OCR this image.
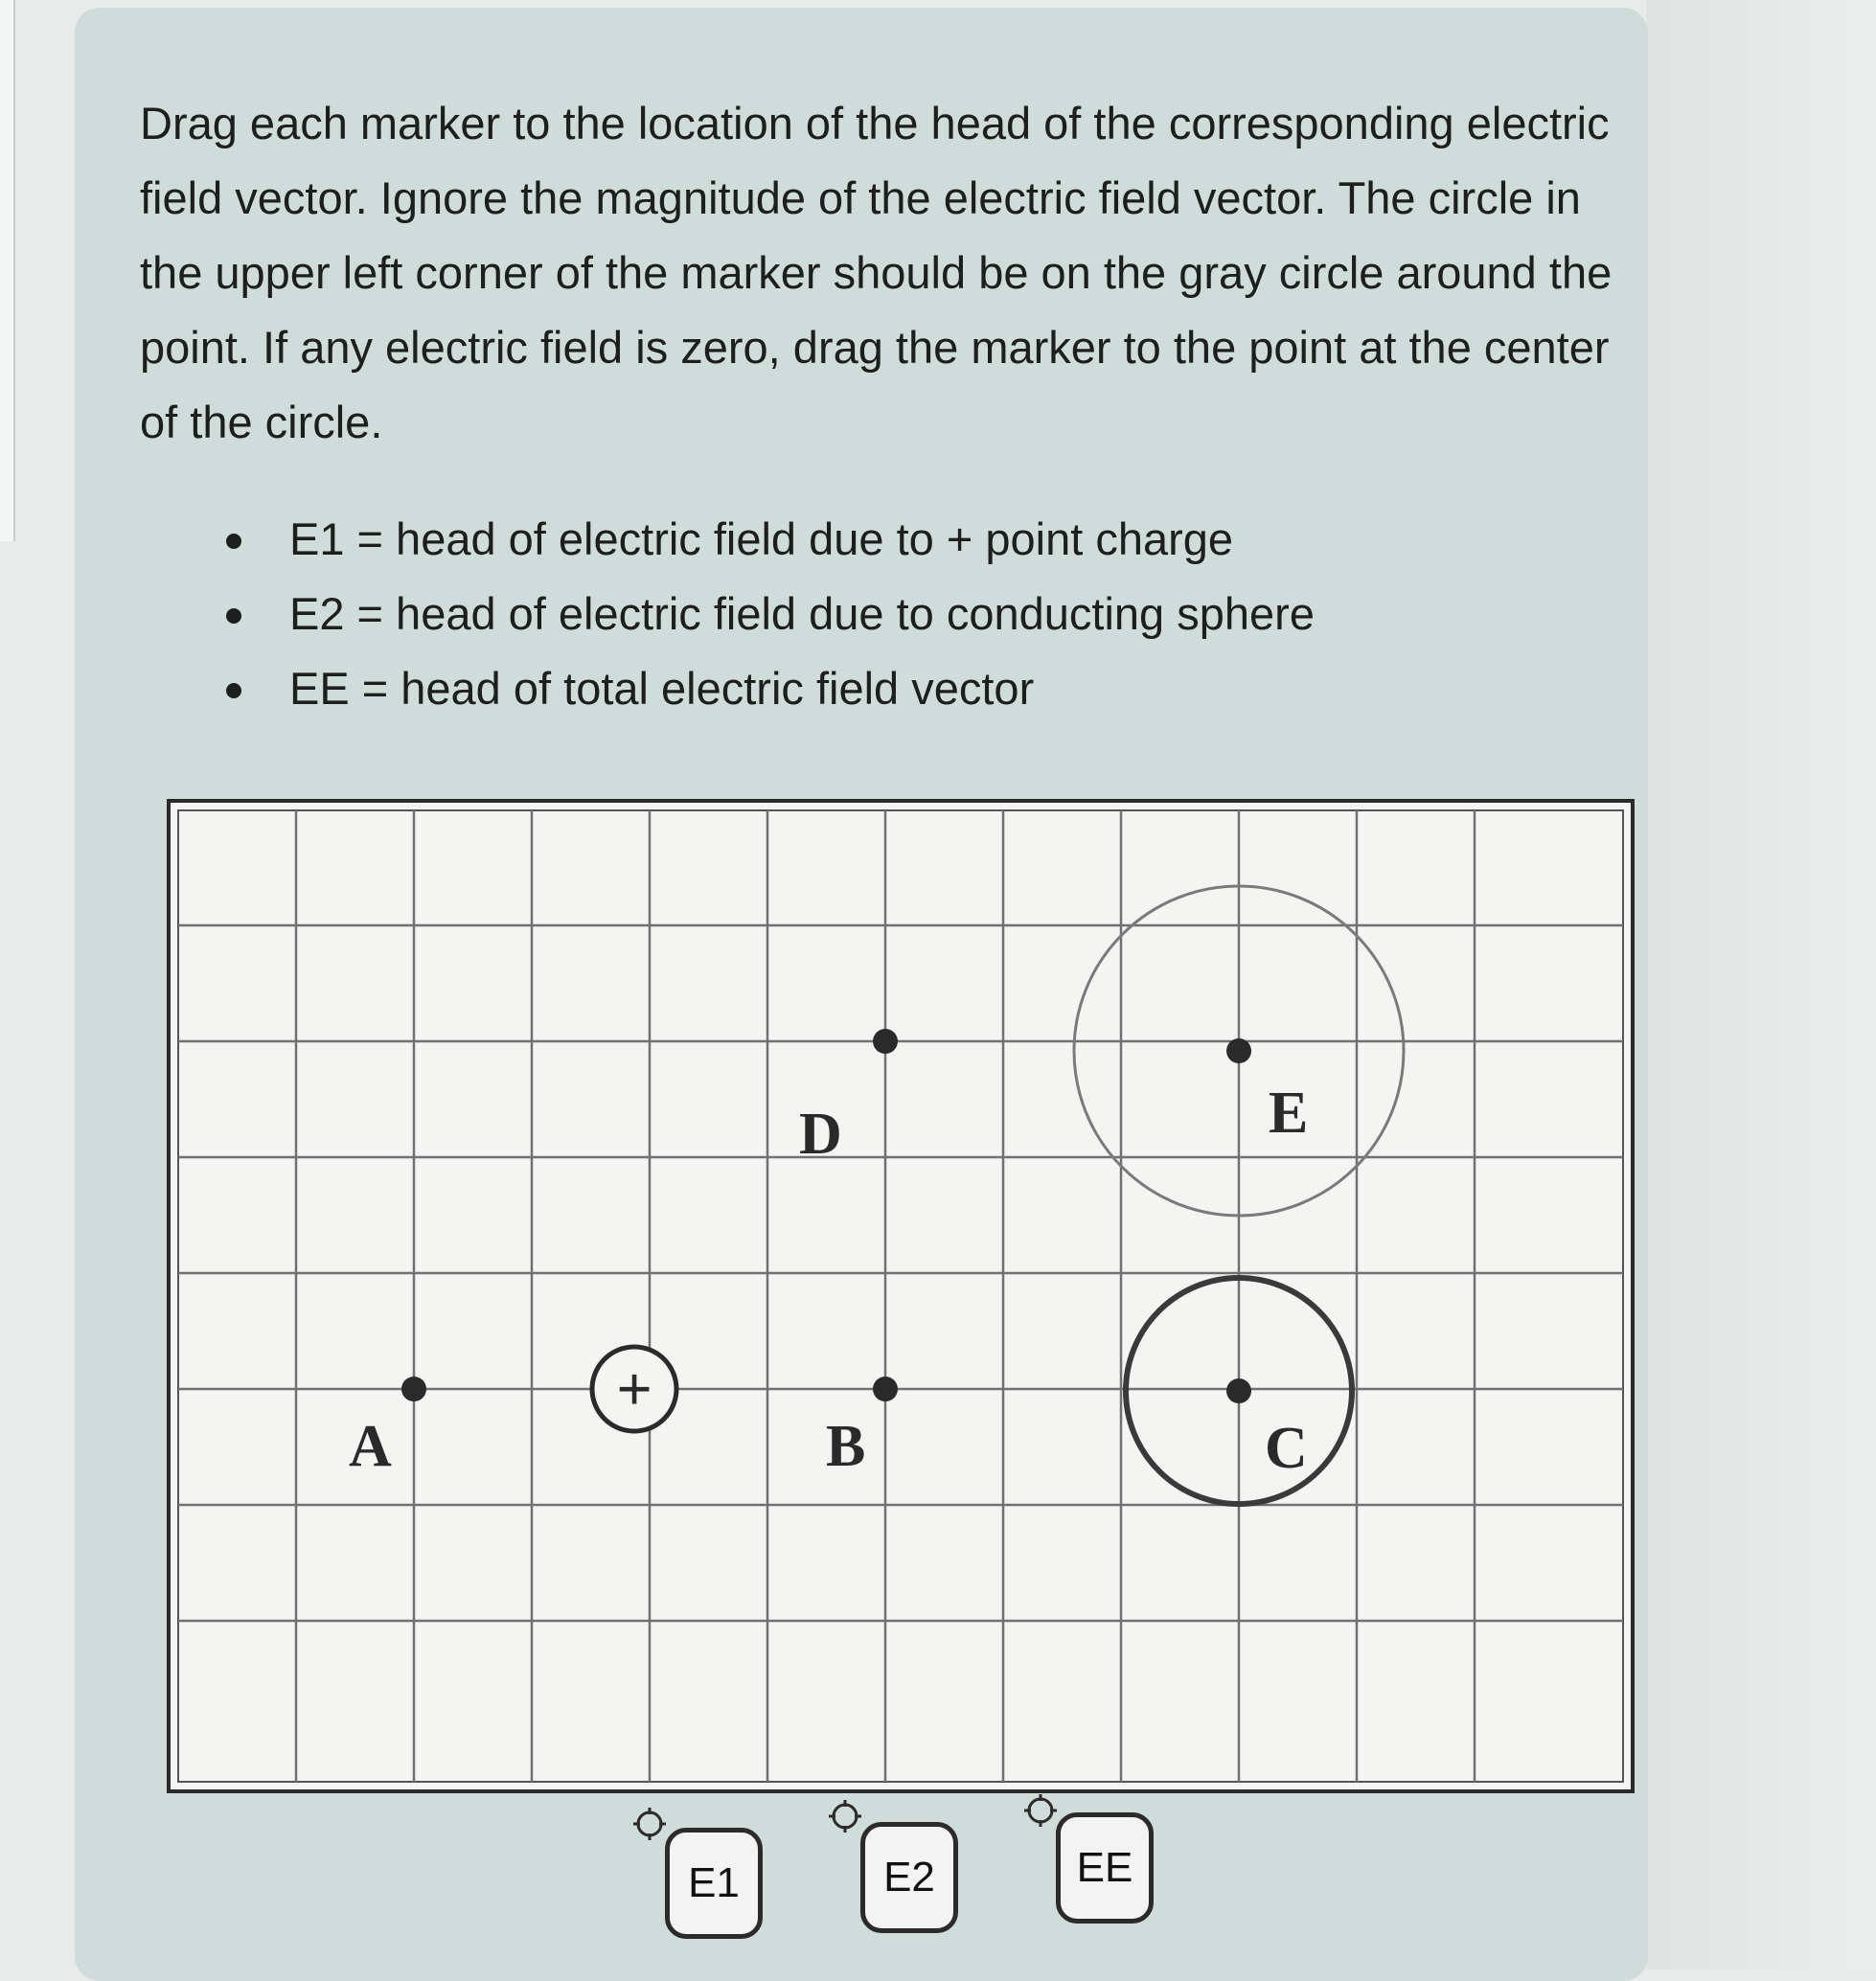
Drag each marker to the location of the head of the corresponding electric field vector. Ignore the magnitude of the electric field vector. The circle in the upper left corner of the marker should be on the gray circle around the point. If any electric field is zero, drag the marker to the point at the center of the circle.

E1 = head of electric field due to + point charge
E2 = head of electric field due to conducting sphere
EE = head of total electric field vector
+
A	B	C
D	E
E1	E2	EE
